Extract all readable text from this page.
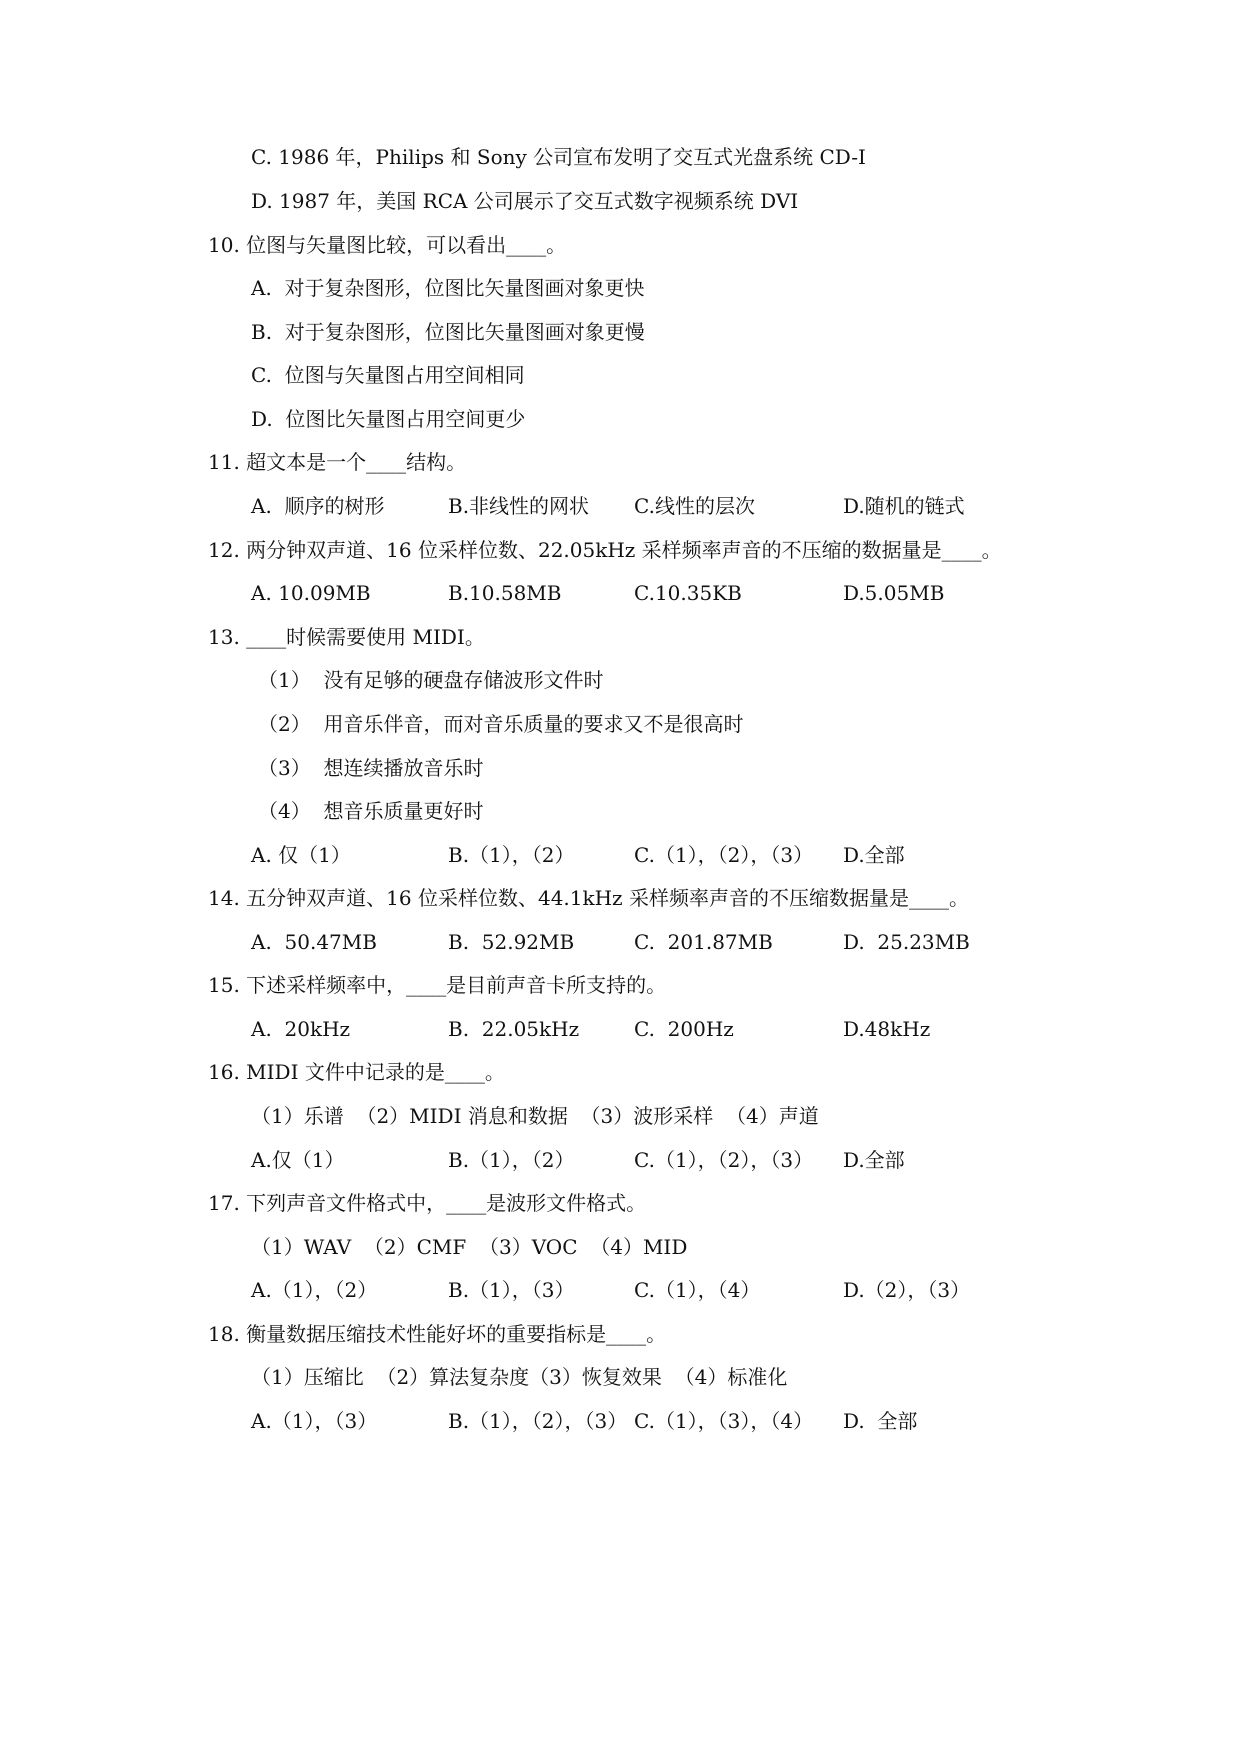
C. 1986 年，Philips 和 Sony 公司宣布发明了交互式光盘系统 CD-I
D. 1987 年，美国 RCA 公司展示了交互式数字视频系统 DVI
10. 位图与矢量图比较，可以看出____。
A.  对于复杂图形，位图比矢量图画对象更快
B.  对于复杂图形，位图比矢量图画对象更慢
C.  位图与矢量图占用空间相同
D.  位图比矢量图占用空间更少
11. 超文本是一个____结构。
A.  顺序的树形	B.非线性的网状 C.线性的层次	D.随机的链式
12. 两分钟双声道、16 位采样位数、22.05kHz 采样频率声音的不压缩的数据量是____。
A. 10.09MB	B.10.58MB	C.10.35KB	D.5.05MB
13. ____时候需要使用 MIDI。
（1）  没有足够的硬盘存储波形文件时
（2）  用音乐伴音，而对音乐质量的要求又不是很高时
（3）  想连续播放音乐时
（4）  想音乐质量更好时
A. 仅（1）	B.（1），（2）	C.（1），（2），（3） D.全部
14. 五分钟双声道、16 位采样位数、44.1kHz 采样频率声音的不压缩数据量是____。
A.  50.47MB	B.  52.92MB	C.  201.87MB	D.  25.23MB
15. 下述采样频率中，____是目前声音卡所支持的。
A.  20kHz	B.  22.05kHz	C.  200Hz	D.48kHz
16. MIDI 文件中记录的是____。
（1）乐谱  （2）MIDI 消息和数据  （3）波形采样  （4）声道
A.仅（1）	B.（1），（2）	C.（1），（2），（3） D.全部
17. 下列声音文件格式中，____是波形文件格式。
（1）WAV  （2）CMF  （3）VOC  （4）MID
A.（1），（2）	B.（1），（3）	C.（1），（4）	D.（2），（3）
18. 衡量数据压缩技术性能好坏的重要指标是____。
（1）压缩比  （2）算法复杂度（3）恢复效果  （4）标准化
A.（1），（3）	B.（1），（2），（3） C.（1），（3），（4） D.  全部
